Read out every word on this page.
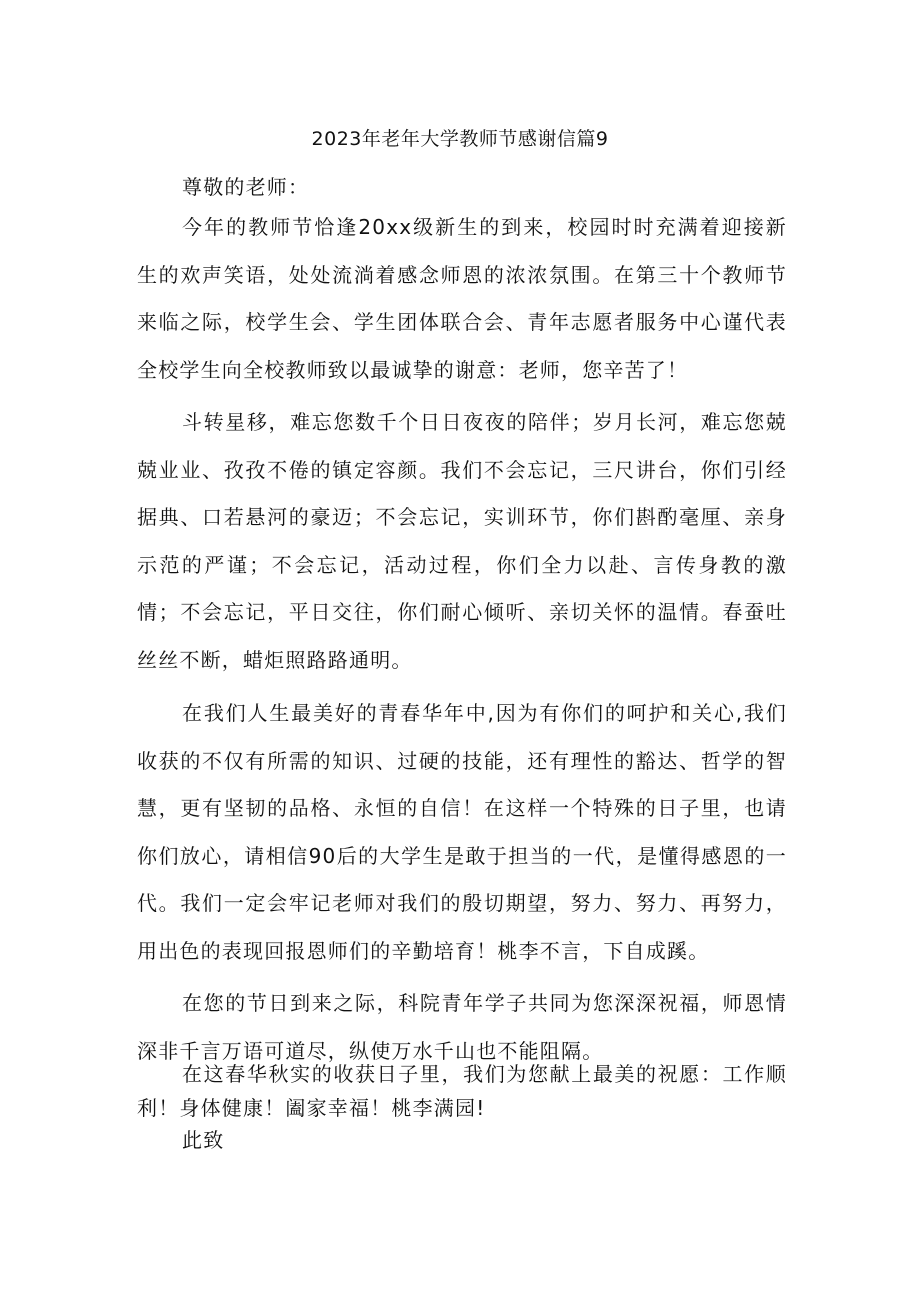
2023年老年大学教师节感谢信篇9

尊敬的老师：

今年的教师节恰逢20xx级新生的到来，校园时时充满着迎接新生的欢声笑语，处处流淌着感念师恩的浓浓氛围。在第三十个教师节来临之际，校学生会、学生团体联合会、青年志愿者服务中心谨代表全校学生向全校教师致以最诚挚的谢意：老师，您辛苦了！

斗转星移，难忘您数千个日日夜夜的陪伴；岁月长河，难忘您兢兢业业、孜孜不倦的镇定容颜。我们不会忘记，三尺讲台，你们引经据典、口若悬河的豪迈；不会忘记，实训环节，你们斟酌毫厘、亲身示范的严谨；不会忘记，活动过程，你们全力以赴、言传身教的激情；不会忘记，平日交往，你们耐心倾听、亲切关怀的温情。春蚕吐丝丝不断，蜡炬照路路通明。

在我们人生最美好的青春华年中,因为有你们的呵护和关心,我们收获的不仅有所需的知识、过硬的技能，还有理性的豁达、哲学的智慧，更有坚韧的品格、永恒的自信！在这样一个特殊的日子里，也请你们放心，请相信90后的大学生是敢于担当的一代，是懂得感恩的一代。我们一定会牢记老师对我们的殷切期望，努力、努力、再努力，用出色的表现回报恩师们的辛勤培育！桃李不言，下自成蹊。

在您的节日到来之际，科院青年学子共同为您深深祝福，师恩情深非千言万语可道尽，纵使万水千山也不能阻隔。

在这春华秋实的收获日子里，我们为您献上最美的祝愿：工作顺利！身体健康！阖家幸福！桃李满园!

此致
